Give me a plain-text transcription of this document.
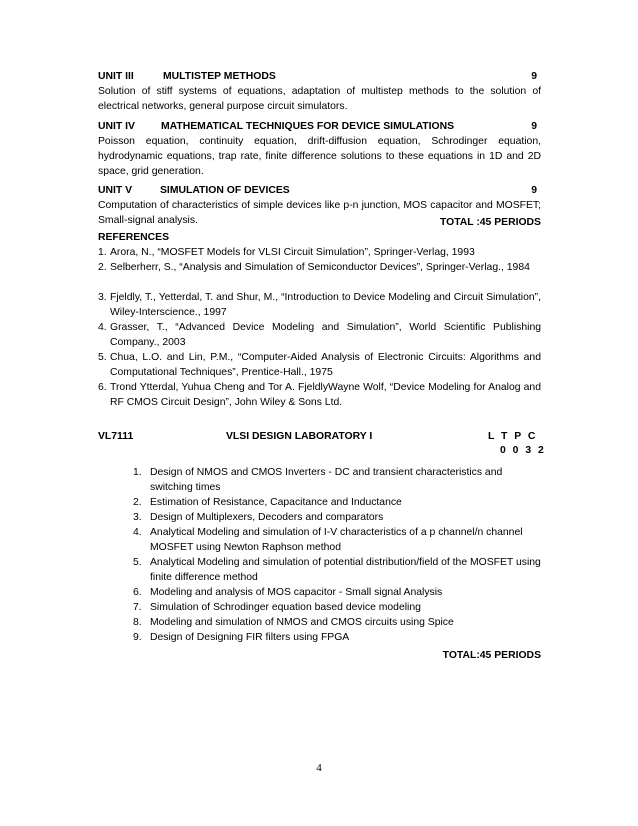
UNIT III	MULTISTEP METHODS	9
Solution of stiff systems of equations, adaptation of multistep methods to the solution of electrical networks, general purpose circuit simulators.
UNIT IV	MATHEMATICAL TECHNIQUES FOR DEVICE SIMULATIONS	9
Poisson equation, continuity equation, drift-diffusion equation, Schrodinger equation, hydrodynamic equations, trap rate, finite difference solutions to these equations in 1D and 2D space, grid generation.
UNIT V	SIMULATION OF DEVICES	9
Computation of characteristics of simple devices like p-n junction, MOS capacitor and MOSFET; Small-signal analysis.	TOTAL :45 PERIODS
REFERENCES
1. Arora, N., “MOSFET Models for VLSI Circuit Simulation”, Springer-Verlag, 1993
2. Selberherr, S., “Analysis and Simulation of Semiconductor Devices”, Springer-Verlag., 1984
3. Fjeldly, T., Yetterdal, T. and Shur, M., “Introduction to Device Modeling and Circuit Simulation”, Wiley-Interscience., 1997
4. Grasser, T., “Advanced Device Modeling and Simulation”, World Scientific Publishing Company., 2003
5. Chua, L.O. and Lin, P.M., “Computer-Aided Analysis of Electronic Circuits: Algorithms and Computational Techniques”, Prentice-Hall., 1975
6. Trond Ytterdal, Yuhua Cheng and Tor A. FjeldlyWayne Wolf, “Device Modeling for Analog and RF CMOS Circuit Design”, John Wiley & Sons Ltd.
VL7111	VLSI DESIGN LABORATORY I	L T P C
0 0 3 2
1. Design of NMOS and CMOS Inverters - DC and transient characteristics and switching times
2. Estimation of Resistance, Capacitance and Inductance
3. Design of Multiplexers, Decoders and comparators
4. Analytical Modeling and simulation of I-V characteristics of a p channel/n channel MOSFET using Newton Raphson method
5. Analytical Modeling and simulation of potential distribution/field of the MOSFET using finite difference method
6. Modeling and analysis of MOS capacitor - Small signal Analysis
7. Simulation of Schrodinger equation based device modeling
8. Modeling and simulation of NMOS and CMOS circuits using Spice
9. Design of Designing FIR filters using FPGA
TOTAL:45 PERIODS
4
